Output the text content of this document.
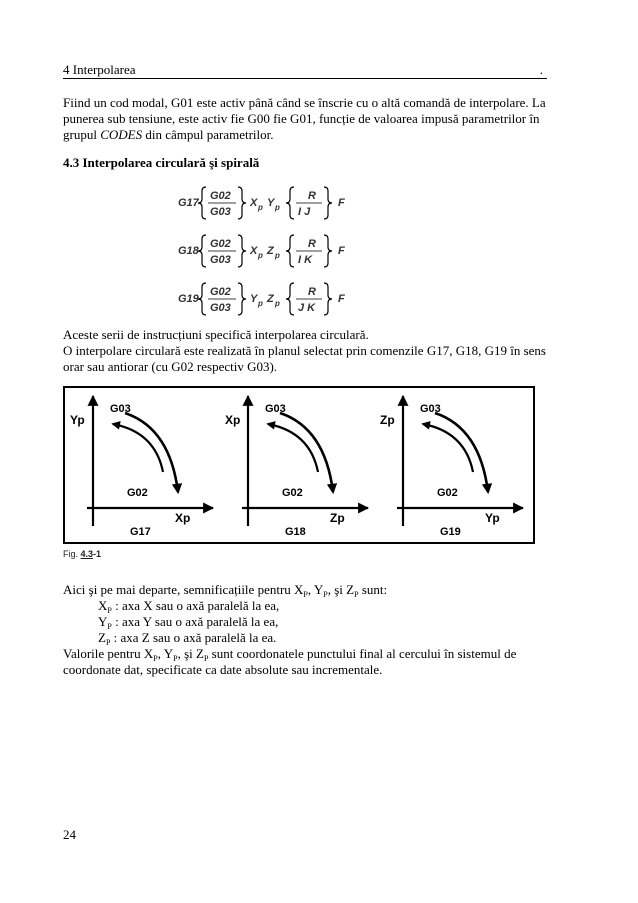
4 Interpolarea	.
Fiind un cod modal, G01 este activ până când se înscrie cu o altă comandă de interpolare. La
punerea sub tensiune, este activ fie G00 fie G01, funcție de valoarea impusă parametrilor în
grupul CODES din câmpul parametrilor.
4.3 Interpolarea circulară şi spirală
G17
G02
G03
X p Y p
R
I J
F
G18
G02
G03
X p Z p
R
I K
F
G19
G02
G03
Y p Z p
R
J K
F
Aceste serii de instrucțiuni specifică interpolarea circulară.
O interpolare circulară este realizată în planul selectat prin comenzile G17, G18, G19 în sens
orar sau antiorar (cu G02 respectiv G03).
Yp
Xp
G03
G02
G17
Xp
Zp
G03
G02
G18
Zp
Yp
G03
G02
G19
Fig. 4.3-1
Aici şi pe mai departe, semnificațiile pentru $X_P$, $Y_P$, şi $Z_P$ sunt:
$X_P$ : axa X sau o axă paralelă la ea,
$Y_P$ : axa Y sau o axă paralelă la ea,
$Z_P$ : axa Z sau o axă paralelă la ea.
Valorile pentru $X_P$, $Y_P$, şi $Z_P$ sunt coordonatele punctului final al cercului în sistemul de
coordonate dat, specificate ca date absolute sau incrementale.
24
